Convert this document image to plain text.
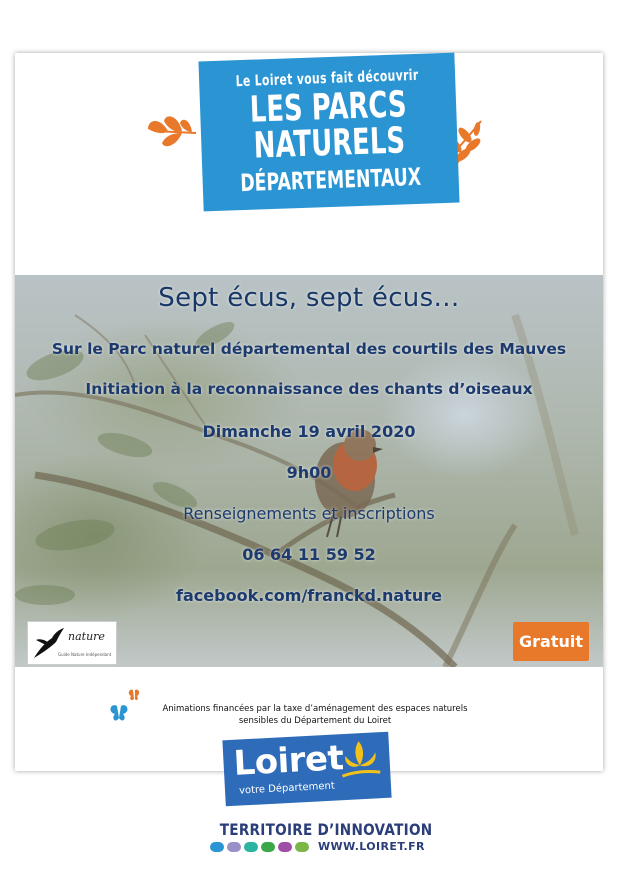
Le Loiret vous fait découvrir
LES PARCS
NATURELS
DÉPARTEMENTAUX
Sept écus, sept écus…
Sur le Parc naturel départemental des courtils des Mauves
Initiation à la reconnaissance des chants d’oiseaux
Dimanche 19 avril 2020
9h00
Renseignements et inscriptions
06 64 11 59 52
facebook.com/franckd.nature
nature
Guide Nature Indépendant
Gratuit
Animations financées par la taxe d’aménagement des espaces naturels
sensibles du Département du Loiret
Loiret
votre Département
TERRITOIRE D’INNOVATION
WWW.LOIRET.FR
